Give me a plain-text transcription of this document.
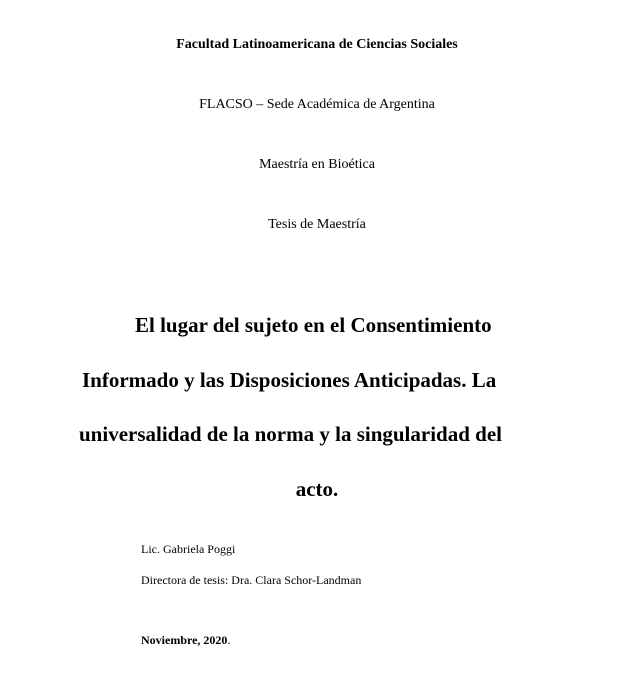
Facultad Latinoamericana de Ciencias Sociales
FLACSO – Sede Académica de Argentina
Maestría en Bioética
Tesis de Maestría
El lugar del sujeto en el Consentimiento
Informado y las Disposiciones Anticipadas. La
universalidad de la norma y la singularidad del
acto.
Lic. Gabriela Poggi
Directora de tesis: Dra. Clara Schor-Landman
Noviembre, 2020.
